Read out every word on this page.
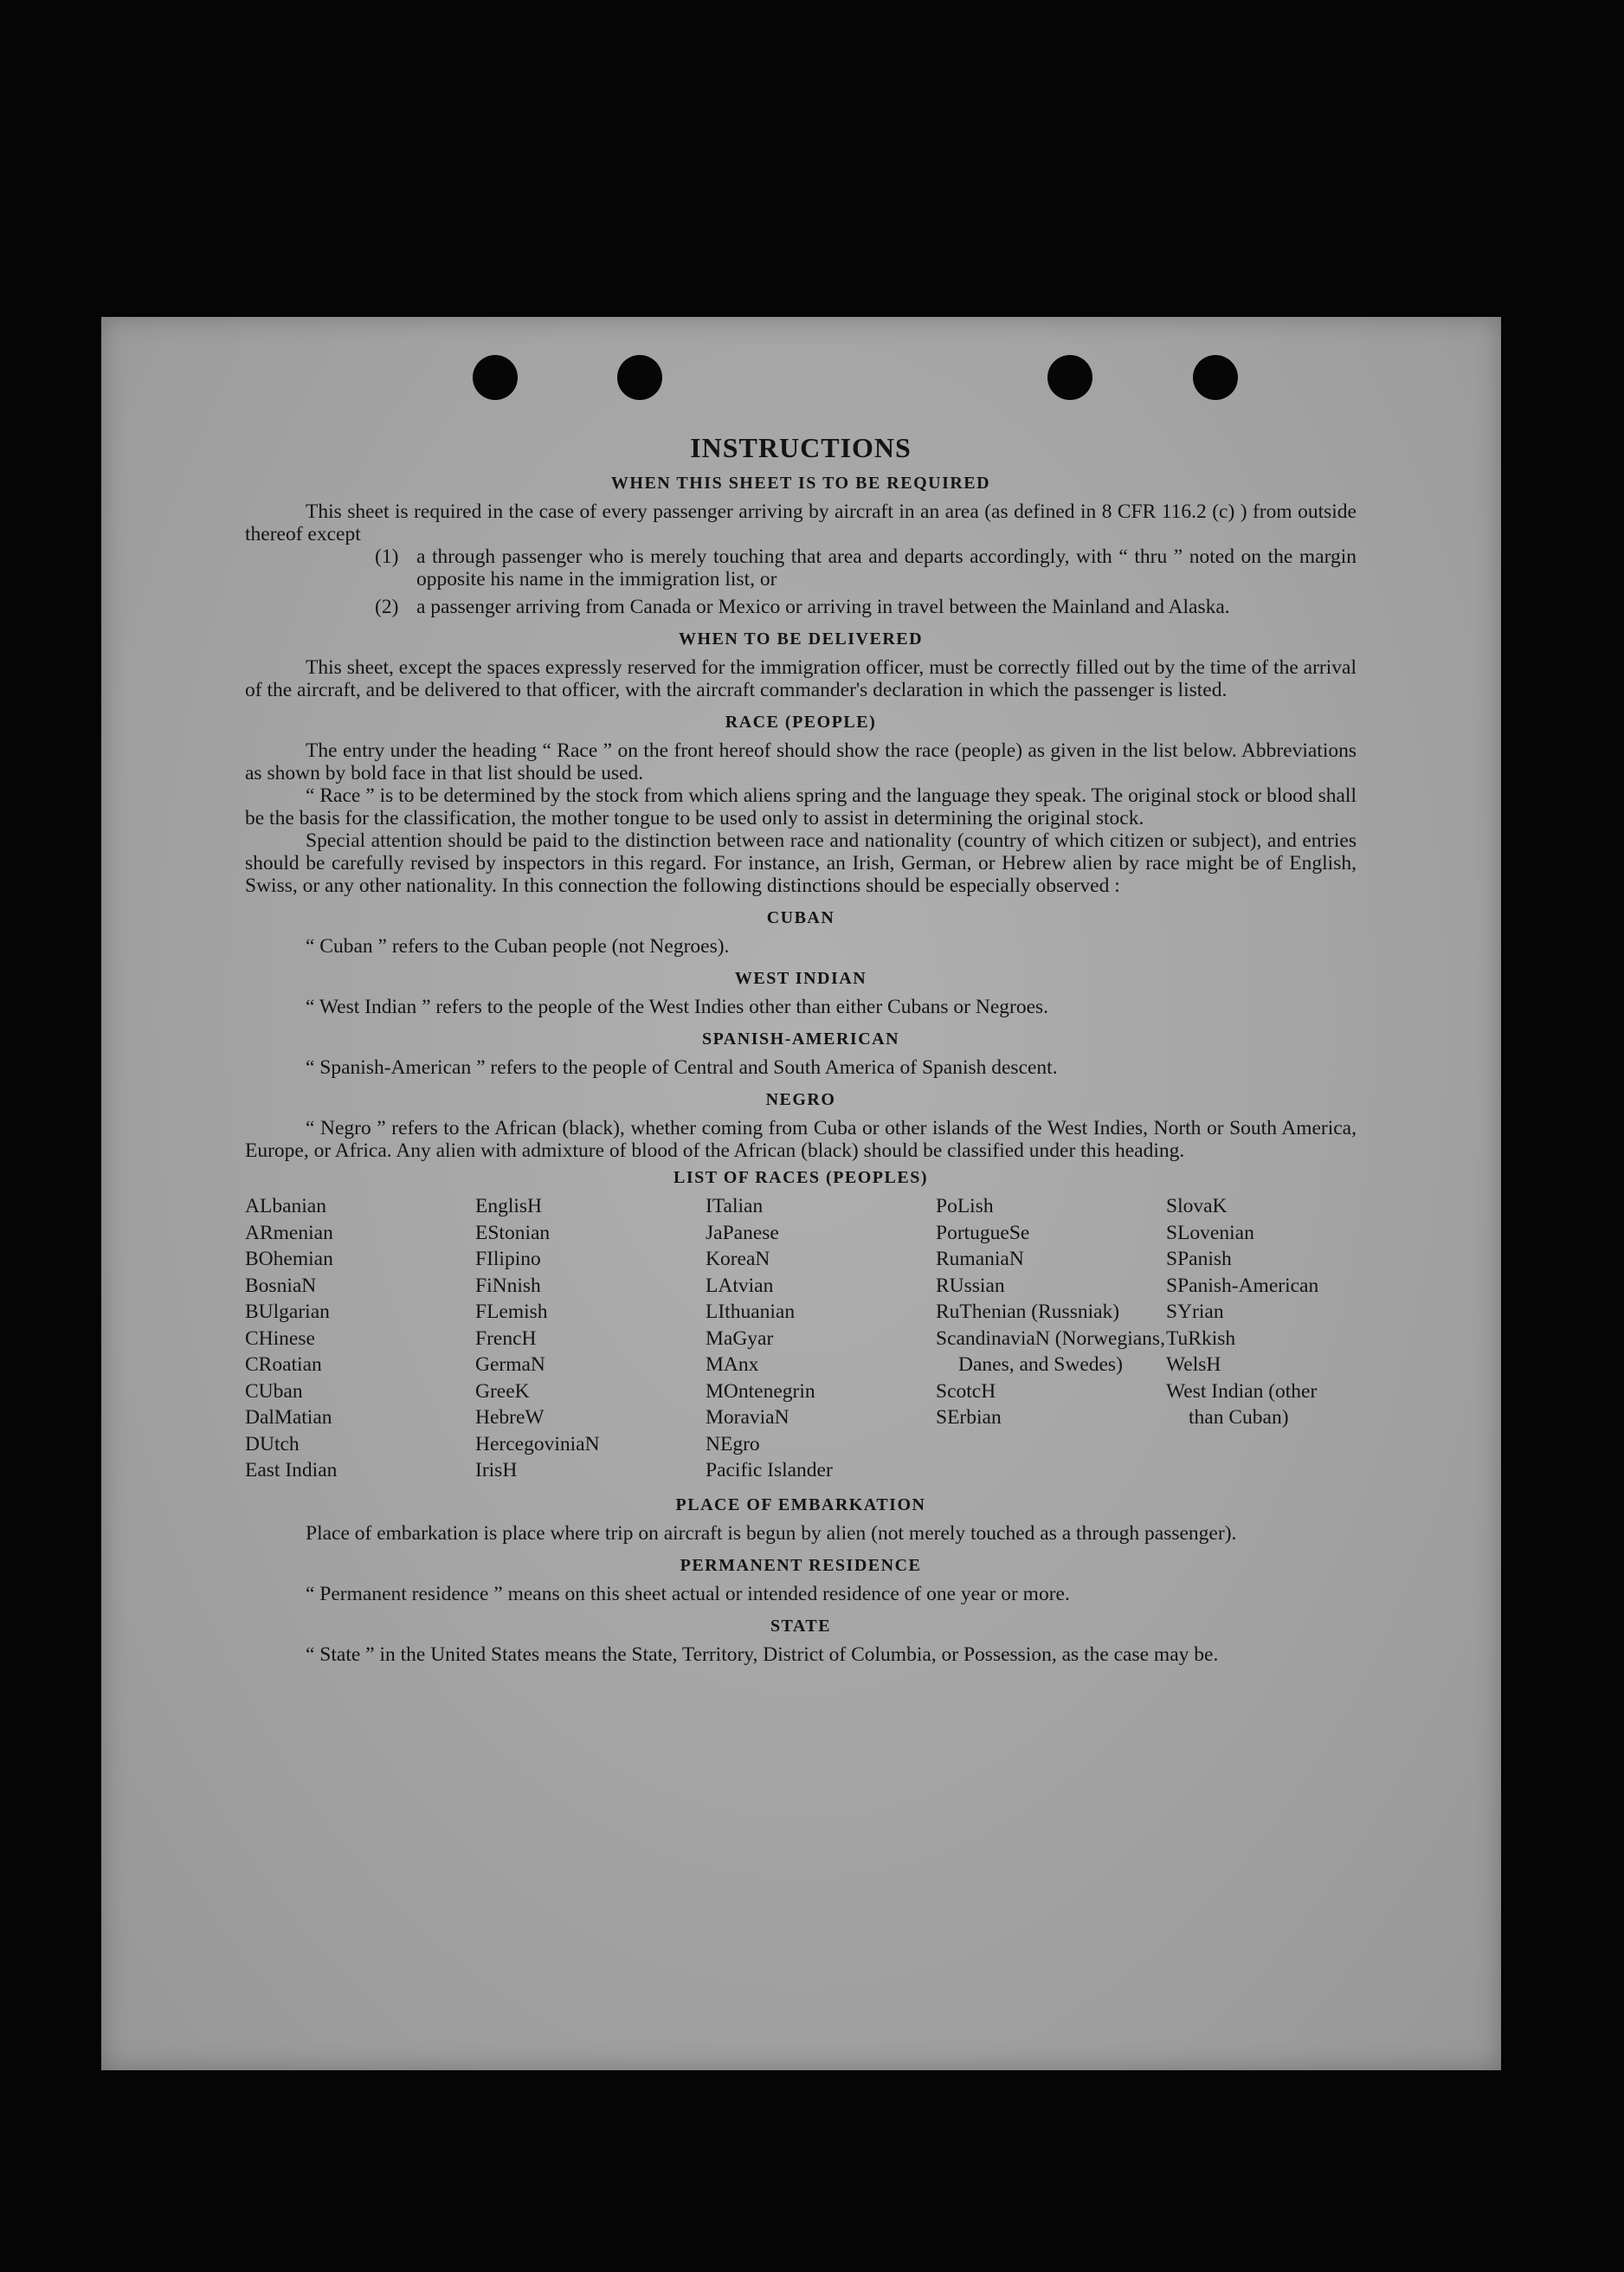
INSTRUCTIONS
WHEN THIS SHEET IS TO BE REQUIRED

This sheet is required in the case of every passenger arriving by aircraft in an area (as defined in 8 CFR 116.2 (c) ) from outside thereof except

(1) a through passenger who is merely touching that area and departs accordingly, with “ thru ” noted on the margin opposite his name in the immigration list, or
(2) a passenger arriving from Canada or Mexico or arriving in travel between the Mainland and Alaska.
WHEN TO BE DELIVERED

This sheet, except the spaces expressly reserved for the immigration officer, must be correctly filled out by the time of the arrival of the aircraft, and be delivered to that officer, with the aircraft commander's declaration in which the passenger is listed.

RACE (PEOPLE)

The entry under the heading “ Race ” on the front hereof should show the race (people) as given in the list below. Abbreviations as shown by bold face in that list should be used.

“ Race ” is to be determined by the stock from which aliens spring and the language they speak. The original stock or blood shall be the basis for the classification, the mother tongue to be used only to assist in determining the original stock.

Special attention should be paid to the distinction between race and nationality (country of which citizen or subject), and entries should be carefully revised by inspectors in this regard. For instance, an Irish, German, or Hebrew alien by race might be of English, Swiss, or any other nationality. In this connection the following distinctions should be especially observed :

CUBAN

“ Cuban ” refers to the Cuban people (not Negroes).

WEST INDIAN

“ West Indian ” refers to the people of the West Indies other than either Cubans or Negroes.

SPANISH-AMERICAN

“ Spanish-American ” refers to the people of Central and South America of Spanish descent.

NEGRO

“ Negro ” refers to the African (black), whether coming from Cuba or other islands of the West Indies, North or South America, Europe, or Africa. Any alien with admixture of blood of the African (black) should be classified under this heading.

LIST OF RACES (PEOPLES)
ALbanian
ARmenian
BOhemian
BosniaN
BUlgarian
CHinese
CRoatian
CUban
DalMatian
DUtch
East Indian
EnglisH
EStonian
FIlipino
FiNnish
FLemish
FrencH
GermaN
GreeK
HebreW
HercegoviniaN
IrisH
ITalian
JaPanese
KoreaN
LAtvian
LIthuanian
MaGyar
MAnx
MOntenegrin
MoraviaN
NEgro
Pacific Islander
PoLish
PortugueSe
RumaniaN
RUssian
RuThenian (Russniak)
ScandinaviaN (Norwegians, Danes, and Swedes)
ScotcH
SErbian
SlovaK
SLovenian
SPanish
SPanish-American
SYrian
TuRkish
WelsH
West Indian (other than Cuban)
PLACE OF EMBARKATION

Place of embarkation is place where trip on aircraft is begun by alien (not merely touched as a through passenger).

PERMANENT RESIDENCE

“ Permanent residence ” means on this sheet actual or intended residence of one year or more.

STATE

“ State ” in the United States means the State, Territory, District of Columbia, or Possession, as the case may be.
